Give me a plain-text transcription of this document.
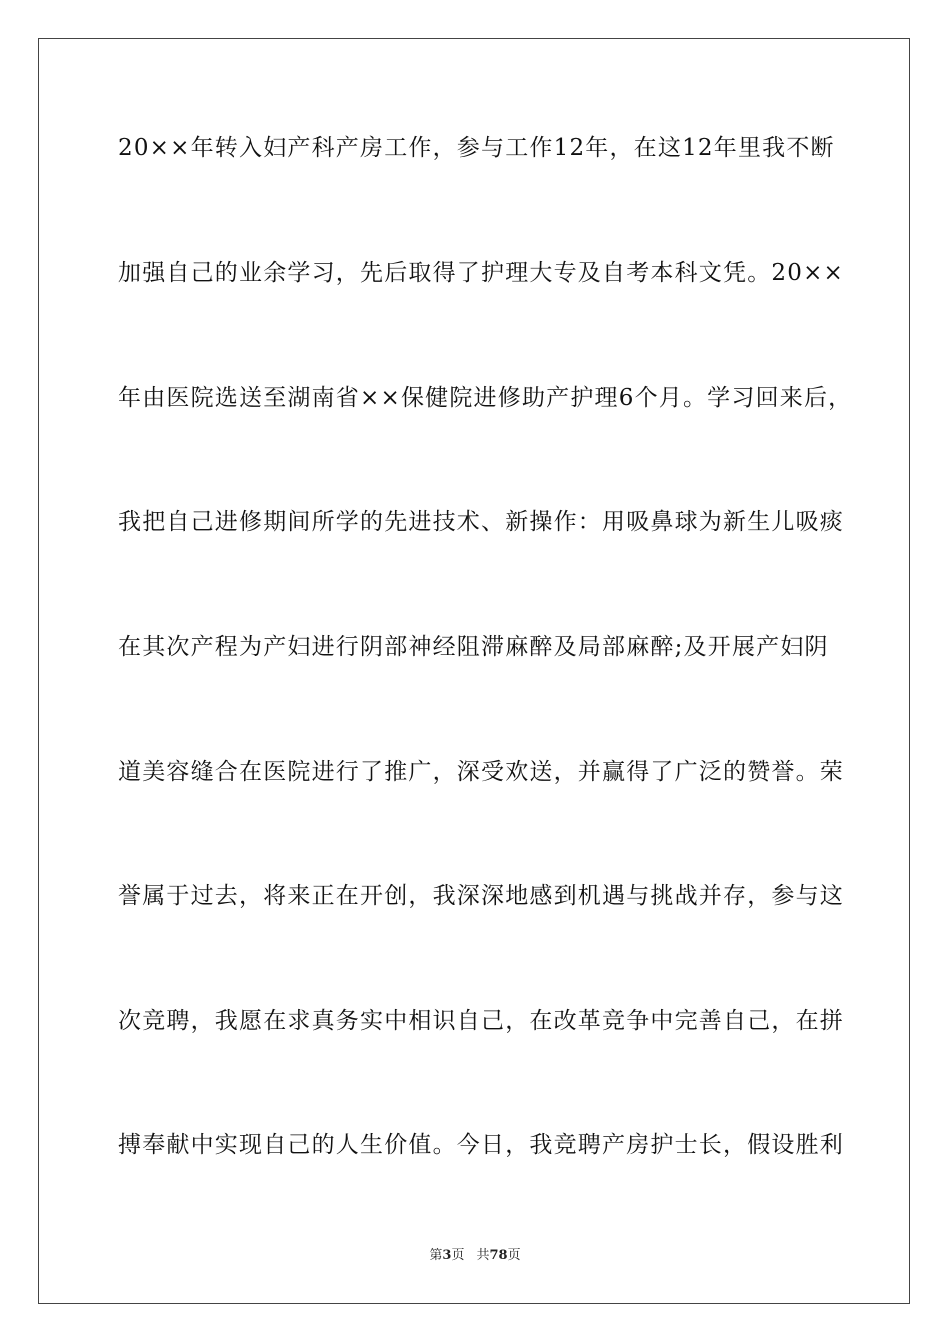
20××年转入妇产科产房工作，参与工作12年，在这12年里我不断
加强自己的业余学习，先后取得了护理大专及自考本科文凭。20××
年由医院选送至湖南省××保健院进修助产护理6个月。学习回来后，
我把自己进修期间所学的先进技术、新操作：用吸鼻球为新生儿吸痰
在其次产程为产妇进行阴部神经阻滞麻醉及局部麻醉;及开展产妇阴
道美容缝合在医院进行了推广，深受欢送，并赢得了广泛的赞誉。荣
誉属于过去，将来正在开创，我深深地感到机遇与挑战并存，参与这
次竞聘，我愿在求真务实中相识自己，在改革竞争中完善自己，在拼
搏奉献中实现自己的人生价值。今日，我竞聘产房护士长，假设胜利
第3页 共78页
